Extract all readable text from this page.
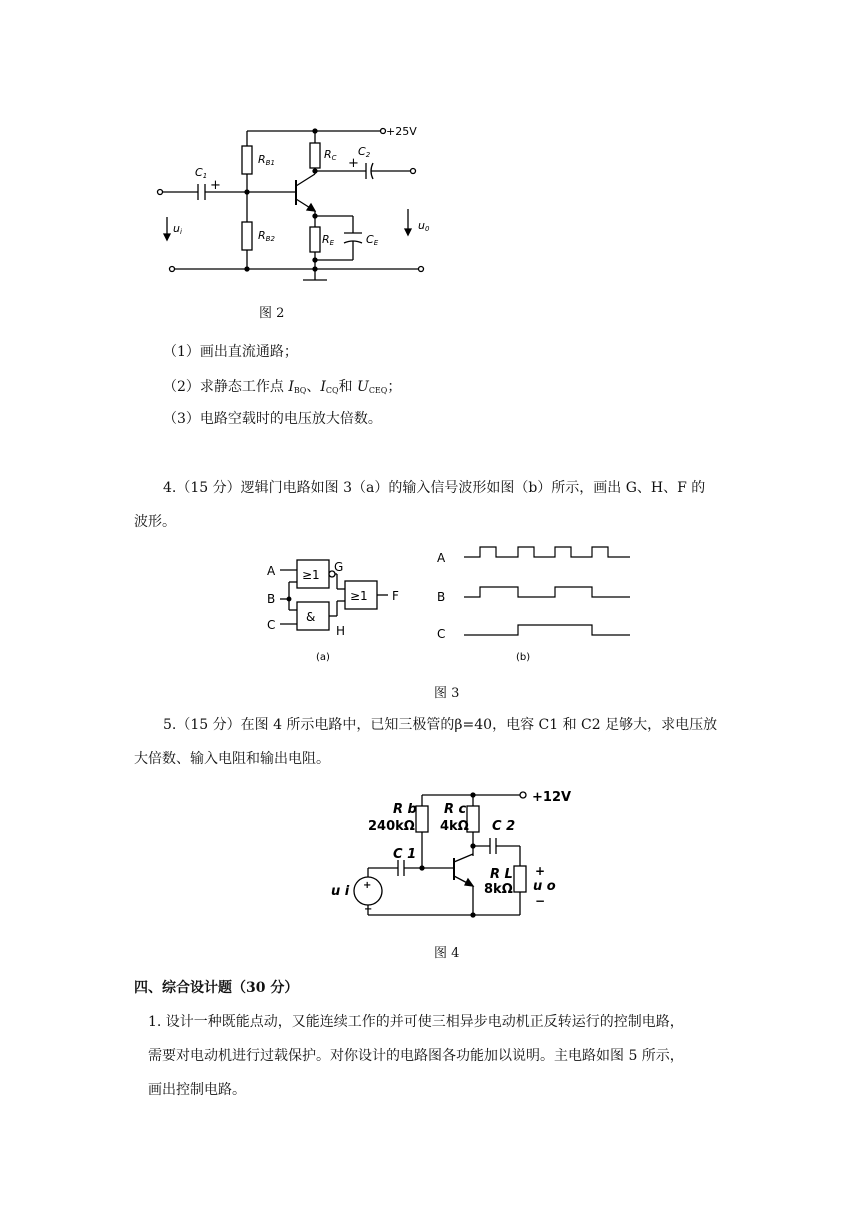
+25V
RB1
RB2
RC
RE
C1
C2
CE
ui	u0
+
+
图 2
（1）画出直流通路；
（2）求静态工作点 $I_{BQ}$、$I_{CQ}$和 $U_{CEQ}$；
（3）电路空载时的电压放大倍数。
4.（15 分）逻辑门电路如图 3（a）的输入信号波形如图（b）所示，画出 G、H、F 的
波形。
≥1
&
≥1
A
B
C
G
H
F
(a)
A
B
C
(b)
图 3
5.（15 分）在图 4 所示电路中，已知三极管的β=40，电容 C1 和 C2 足够大，求电压放
大倍数、输入电阻和输出电阻。
+12V
R b
240kΩ
R c
4kΩ C 2
C 1
R L
8kΩ
u i	u o
+
−
+
−
图 4
四、综合设计题（30 分）
1. 设计一种既能点动，又能连续工作的并可使三相异步电动机正反转运行的控制电路，
需要对电动机进行过载保护。对你设计的电路图各功能加以说明。主电路如图 5 所示，
画出控制电路。
